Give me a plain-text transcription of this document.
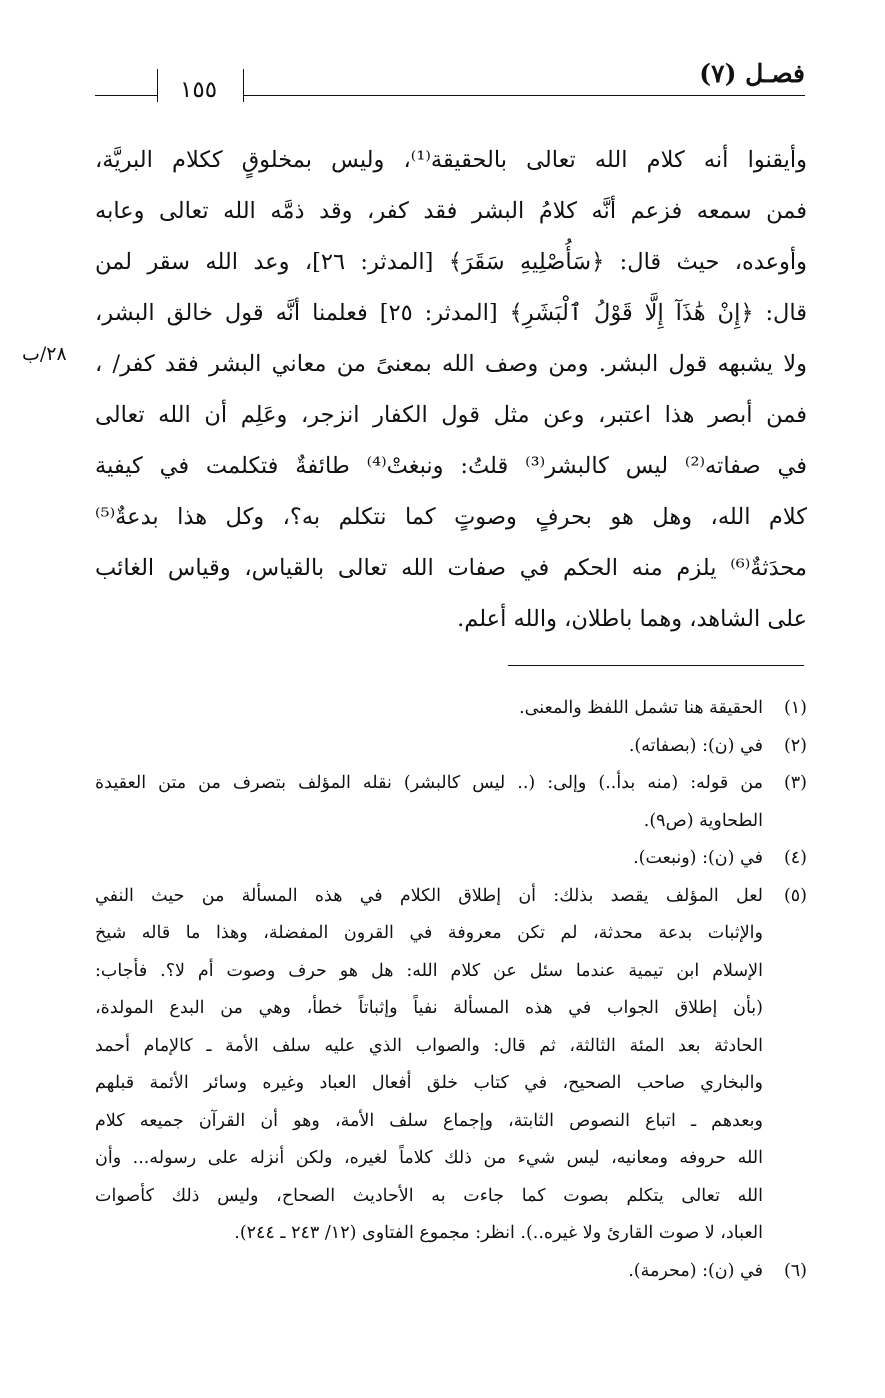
فصـل (٧)
١٥٥
٢٨/ب
وأيقنوا أنه كلام الله تعالى بالحقيقة⁽¹⁾، وليس بمخلوقٍ ككلام البريَّة،
فمن سمعه فزعم أنَّه كلامُ البشر فقد كفر، وقد ذمَّه الله تعالى وعابه
وأوعده، حيث قال: ﴿سَأُصْلِيهِ سَقَرَ﴾ [المدثر: ٢٦]، وعد الله سقر لمن
قال: ﴿إِنْ هَٰذَآ إِلَّا قَوْلُ ٱلْبَشَرِ﴾ [المدثر: ٢٥] فعلمنا أنَّه قول خالق البشر،
ولا يشبهه قول البشر. ومن وصف الله بمعنىً من معاني البشر فقد كفر/ ،
فمن أبصر هذا اعتبر، وعن مثل قول الكفار انزجر، وعَلِم أن الله تعالى
في صفاته⁽²⁾ ليس كالبشر⁽³⁾ قلتُ: ونبغتْ⁽⁴⁾ طائفةٌ فتكلمت في كيفية
كلام الله، وهل هو بحرفٍ وصوتٍ كما نتكلم به؟، وكل هذا بدعةٌ⁽⁵⁾
محدَثةٌ⁽⁶⁾ يلزم منه الحكم في صفات الله تعالى بالقياس، وقياس الغائب
على الشاهد، وهما باطلان، والله أعلم.
(١)
الحقيقة هنا تشمل اللفظ والمعنى.
(٢)
في (ن): (بصفاته).
(٣)
من قوله: (منه بدأ..) وإلى: (.. ليس كالبشر) نقله المؤلف بتصرف من متن العقيدة
الطحاوية (ص٩).
(٤)
في (ن): (ونبعت).
(٥)
لعل المؤلف يقصد بذلك: أن إطلاق الكلام في هذه المسألة من حيث النفي
والإثبات بدعة محدثة، لم تكن معروفة في القرون المفضلة، وهذا ما قاله شيخ
الإسلام ابن تيمية عندما سئل عن كلام الله: هل هو حرف وصوت أم لا؟. فأجاب:
(بأن إطلاق الجواب في هذه المسألة نفياً وإثباتاً خطأ، وهي من البدع المولدة،
الحادثة بعد المئة الثالثة، ثم قال: والصواب الذي عليه سلف الأمة ـ كالإمام أحمد
والبخاري صاحب الصحيح، في كتاب خلق أفعال العباد وغيره وسائر الأئمة قبلهم
وبعدهم ـ اتباع النصوص الثابتة، وإجماع سلف الأمة، وهو أن القرآن جميعه كلام
الله حروفه ومعانيه، ليس شيء من ذلك كلاماً لغيره، ولكن أنزله على رسوله... وأن
الله تعالى يتكلم بصوت كما جاءت به الأحاديث الصحاح، وليس ذلك كأصوات
العباد، لا صوت القارئ ولا غيره..). انظر: مجموع الفتاوى (١٢/ ٢٤٣ ـ ٢٤٤).
(٦)
في (ن): (محرمة).
